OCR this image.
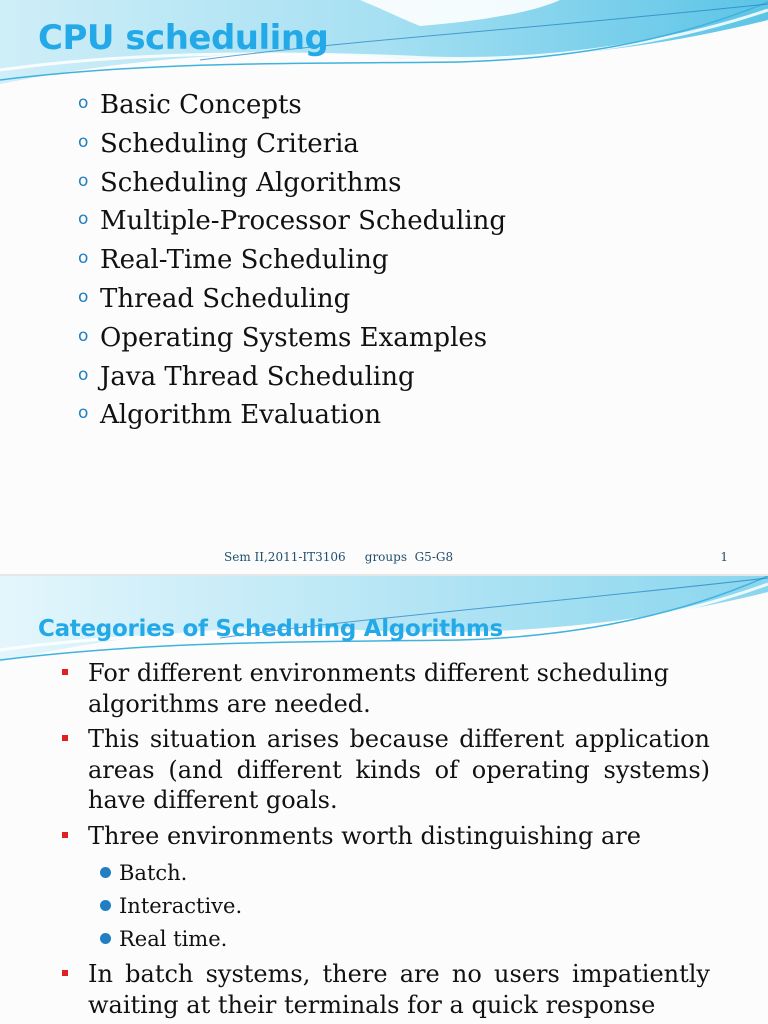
CPU scheduling
o Basic Concepts
o Scheduling Criteria
o Scheduling Algorithms
o Multiple-Processor Scheduling
o Real-Time Scheduling
o Thread Scheduling
o Operating Systems Examples
o Java Thread Scheduling
o Algorithm Evaluation
Sem II,2011-IT3106     groups  G5-G8	1
Categories of Scheduling Algorithms
For different environments different scheduling algorithms are needed.
This situation arises because different application areas (and different kinds of operating systems) have different goals.
Three environments worth distinguishing are
Batch.
Interactive.
Real time.
In batch systems, there are no users impatiently waiting at their terminals for a quick response
